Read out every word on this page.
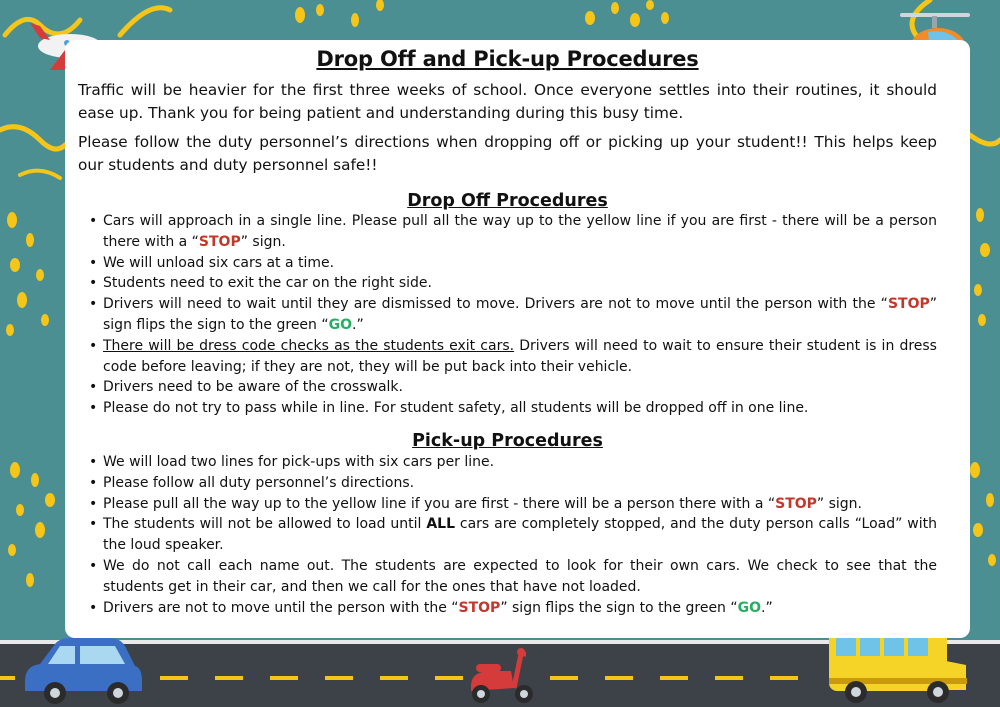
Drop Off and Pick-up Procedures

Traffic will be heavier for the first three weeks of school. Once everyone settles into their routines, it should ease up. Thank you for being patient and understanding during this busy time.

Please follow the duty personnel’s directions when dropping off or picking up your student!! This helps keep our students and duty personnel safe!!

Drop Off Procedures
• Cars will approach in a single line. Please pull all the way up to the yellow line if you are first - there will be a person there with a “STOP” sign.
• We will unload six cars at a time.
• Students need to exit the car on the right side.
• Drivers will need to wait until they are dismissed to move. Drivers are not to move until the person with the “STOP” sign flips the sign to the green “GO.”
• There will be dress code checks as the students exit cars. Drivers will need to wait to ensure their student is in dress code before leaving; if they are not, they will be put back into their vehicle.
• Drivers need to be aware of the crosswalk.
• Please do not try to pass while in line. For student safety, all students will be dropped off in one line.
Pick-up Procedures
• We will load two lines for pick-ups with six cars per line.
• Please follow all duty personnel’s directions.
• Please pull all the way up to the yellow line if you are first - there will be a person there with a “STOP” sign.
• The students will not be allowed to load until ALL cars are completely stopped, and the duty person calls “Load” with the loud speaker.
• We do not call each name out. The students are expected to look for their own cars. We check to see that the students get in their car, and then we call for the ones that have not loaded.
• Drivers are not to move until the person with the “STOP” sign flips the sign to the green “GO.”
